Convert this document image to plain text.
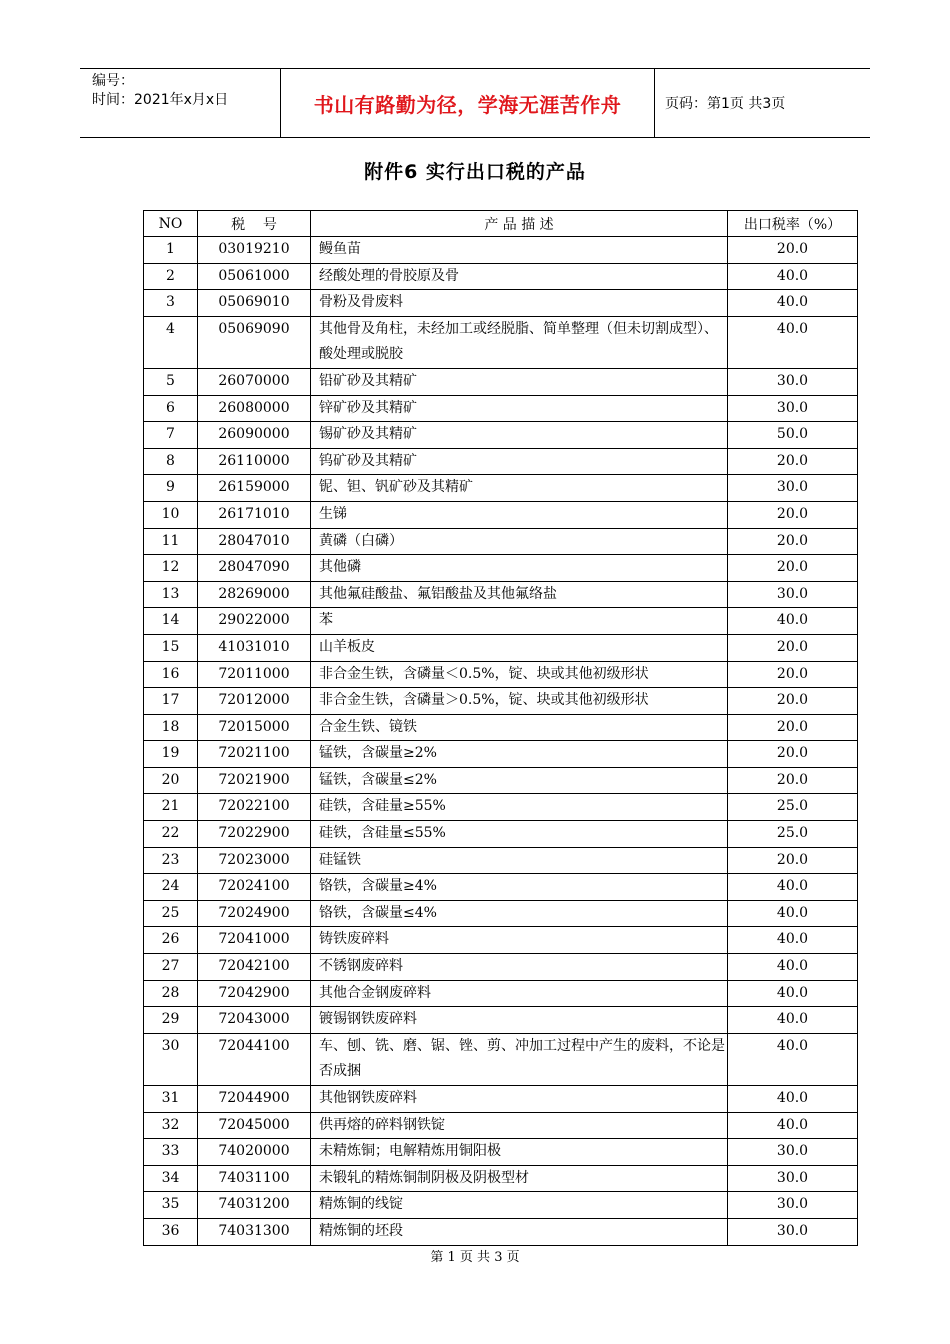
编号：
时间：2021年x月x日	书山有路勤为径，学海无涯苦作舟	页码：第1页 共3页
附件6 实行出口税的产品
NO	税    号	产 品 描 述	出口税率（%）
1	03019210	鳗鱼苗	20.0
2	05061000	经酸处理的骨胶原及骨	40.0
3	05069010	骨粉及骨废料	40.0
4	05069090	其他骨及角柱，未经加工或经脱脂、简单整理（但未切割成型）、酸处理或脱胶	40.0
5	26070000	铅矿砂及其精矿	30.0
6	26080000	锌矿砂及其精矿	30.0
7	26090000	锡矿砂及其精矿	50.0
8	26110000	钨矿砂及其精矿	20.0
9	26159000	铌、钽、钒矿砂及其精矿	30.0
10	26171010	生锑	20.0
11	28047010	黄磷（白磷）	20.0
12	28047090	其他磷	20.0
13	28269000	其他氟硅酸盐、氟铝酸盐及其他氟络盐	30.0
14	29022000	苯	40.0
15	41031010	山羊板皮	20.0
16	72011000	非合金生铁，含磷量＜0.5%，锭、块或其他初级形状	20.0
17	72012000	非合金生铁，含磷量＞0.5%，锭、块或其他初级形状	20.0
18	72015000	合金生铁、镜铁	20.0
19	72021100	锰铁，含碳量≥2%	20.0
20	72021900	锰铁，含碳量≤2%	20.0
21	72022100	硅铁，含硅量≥55%	25.0
22	72022900	硅铁，含硅量≤55%	25.0
23	72023000	硅锰铁	20.0
24	72024100	铬铁，含碳量≥4%	40.0
25	72024900	铬铁，含碳量≤4%	40.0
26	72041000	铸铁废碎料	40.0
27	72042100	不锈钢废碎料	40.0
28	72042900	其他合金钢废碎料	40.0
29	72043000	镀锡钢铁废碎料	40.0
30	72044100	车、刨、铣、磨、锯、锉、剪、冲加工过程中产生的废料，不论是否成捆	40.0
31	72044900	其他钢铁废碎料	40.0
32	72045000	供再熔的碎料钢铁锭	40.0
33	74020000	未精炼铜；电解精炼用铜阳极	30.0
34	74031100	未锻轧的精炼铜制阴极及阴极型材	30.0
35	74031200	精炼铜的线锭	30.0
36	74031300	精炼铜的坯段	30.0
第 1 页 共 3 页
